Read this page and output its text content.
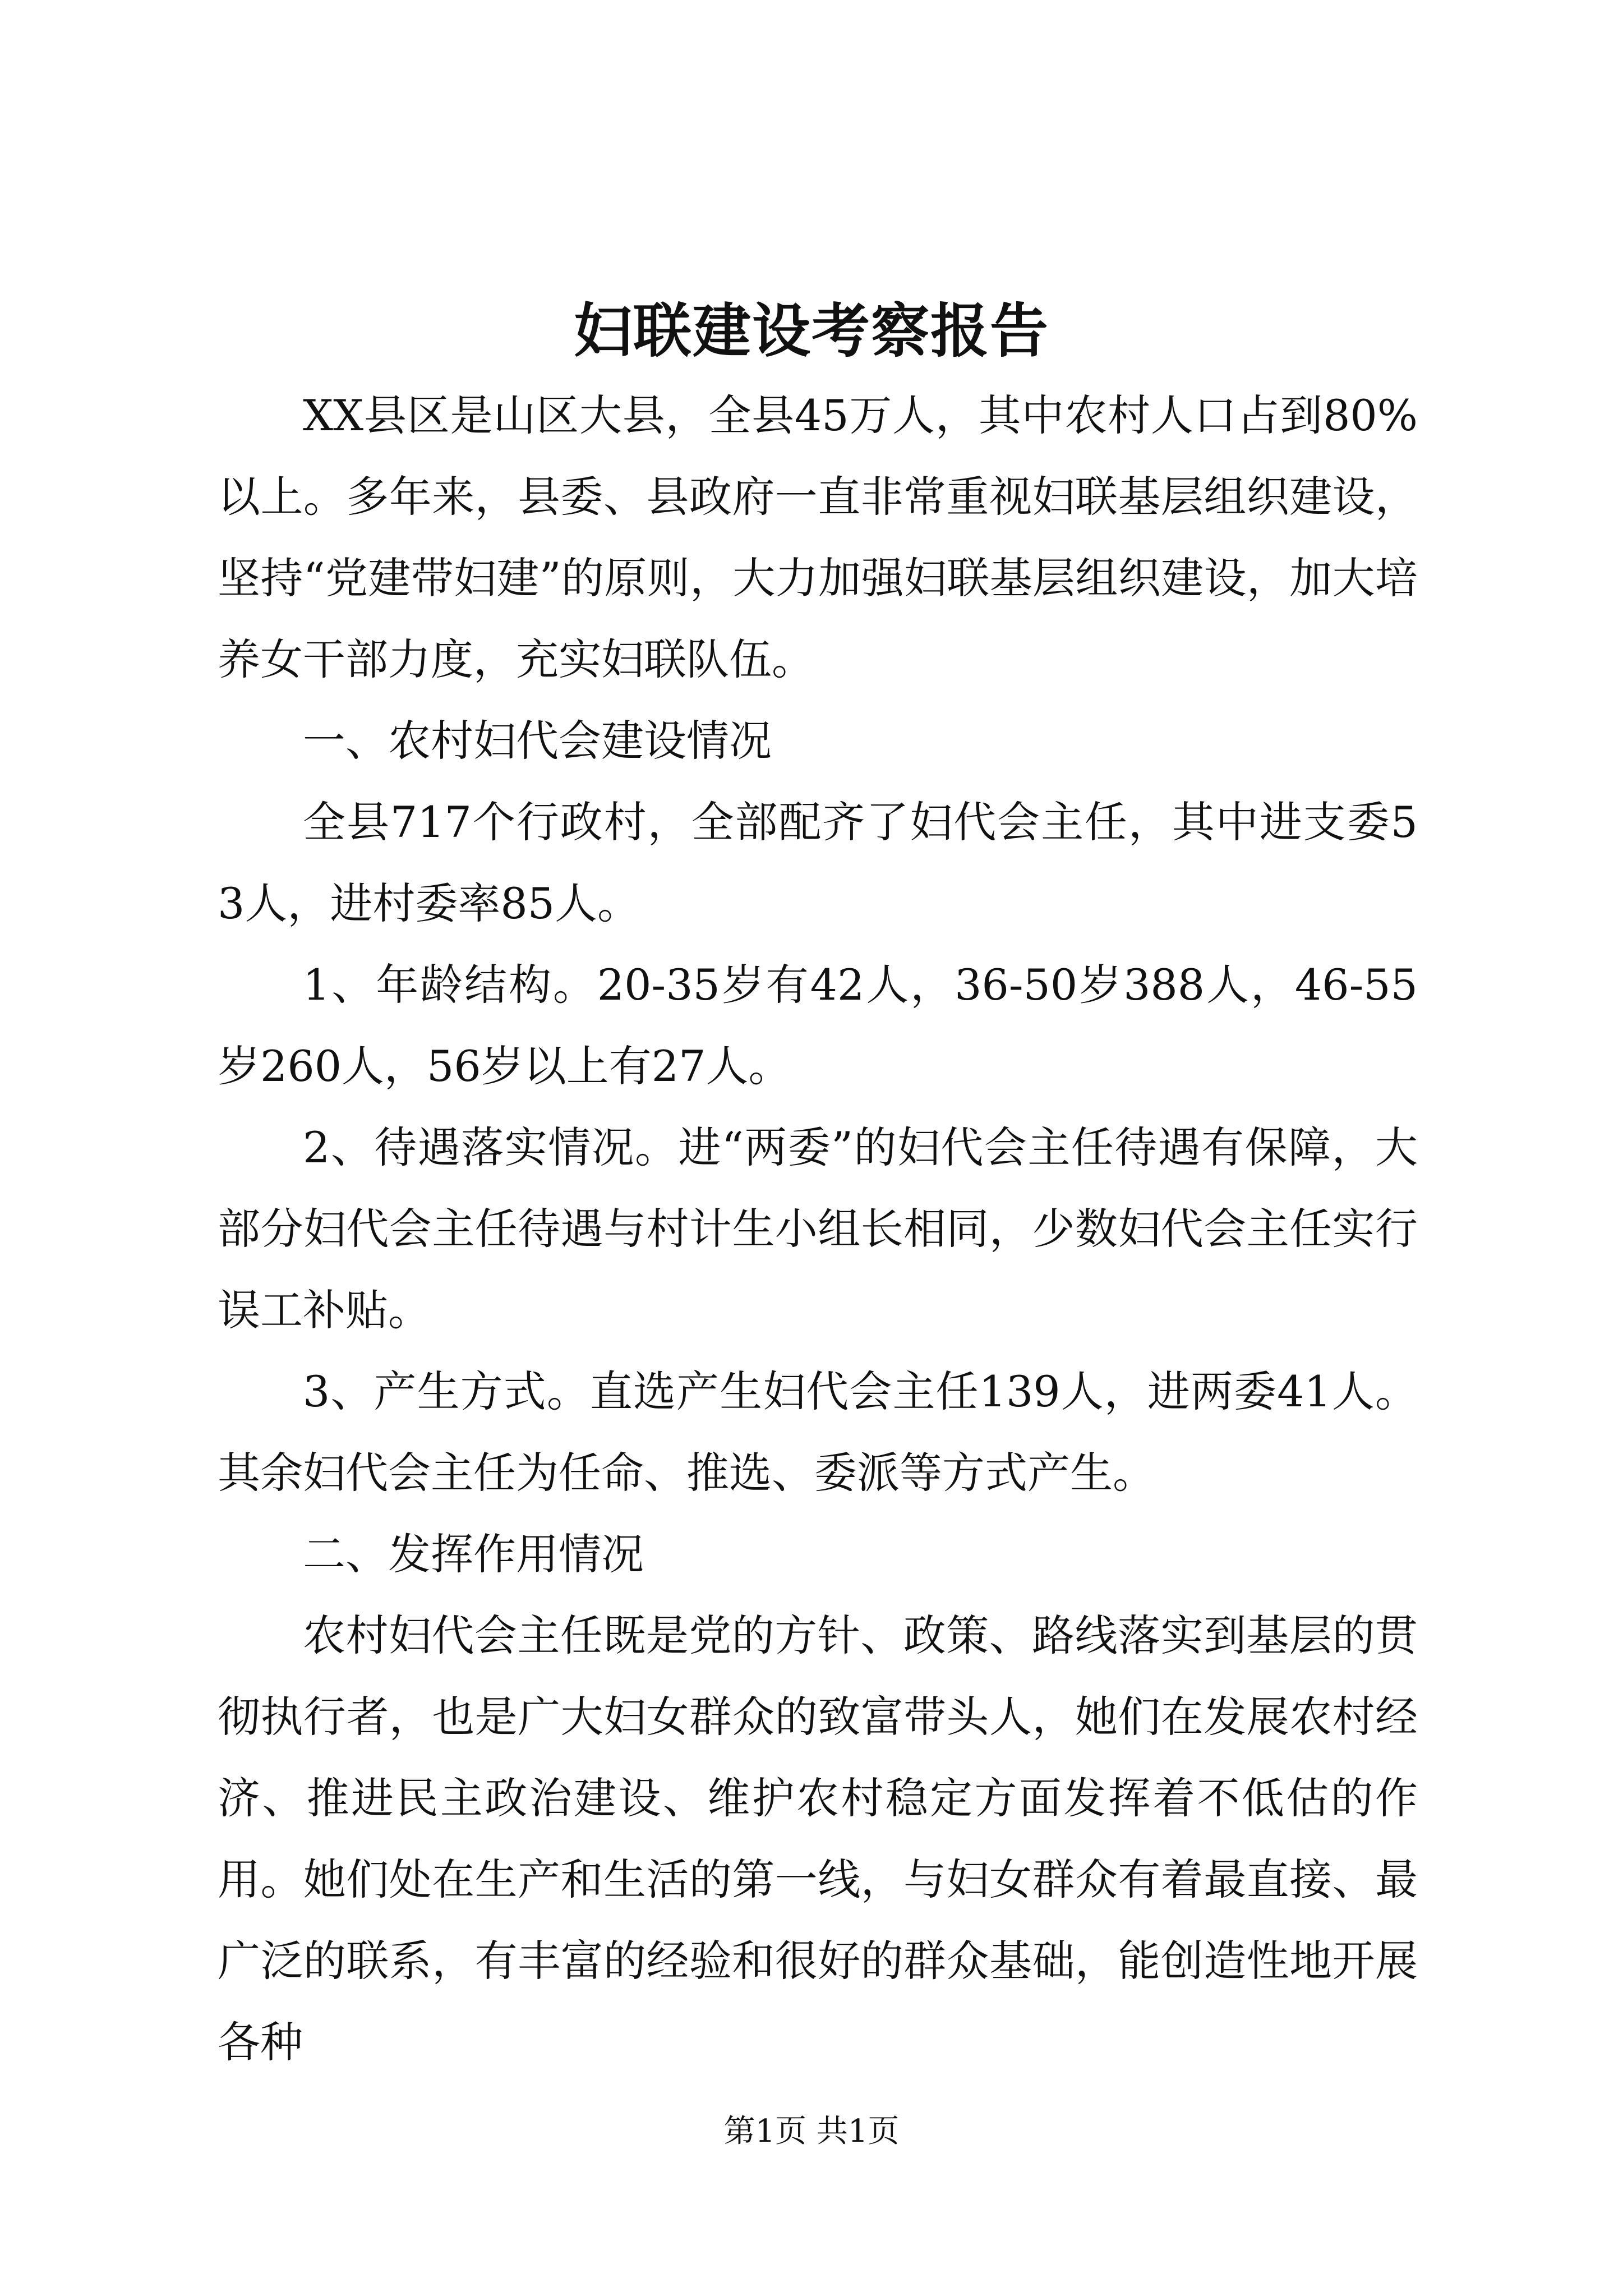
妇联建设考察报告

XX县区是山区大县，全县45万人，其中农村人口占到80%以上。多年来，县委、县政府一直非常重视妇联基层组织建设，坚持“党建带妇建”的原则，大力加强妇联基层组织建设，加大培养女干部力度，充实妇联队伍。

一、农村妇代会建设情况

全县717个行政村，全部配齐了妇代会主任，其中进支委53人，进村委率85人。

1、年龄结构。20-35岁有42人，36-50岁388人，46-55岁260人，56岁以上有27人。

2、待遇落实情况。进“两委”的妇代会主任待遇有保障，大部分妇代会主任待遇与村计生小组长相同，少数妇代会主任实行误工补贴。

3、产生方式。直选产生妇代会主任139人，进两委41人。其余妇代会主任为任命、推选、委派等方式产生。

二、发挥作用情况

农村妇代会主任既是党的方针、政策、路线落实到基层的贯彻执行者，也是广大妇女群众的致富带头人，她们在发展农村经济、推进民主政治建设、维护农村稳定方面发挥着不低估的作用。她们处在生产和生活的第一线，与妇女群众有着最直接、最广泛的联系，有丰富的经验和很好的群众基础，能创造性地开展各种

第1页 共1页
